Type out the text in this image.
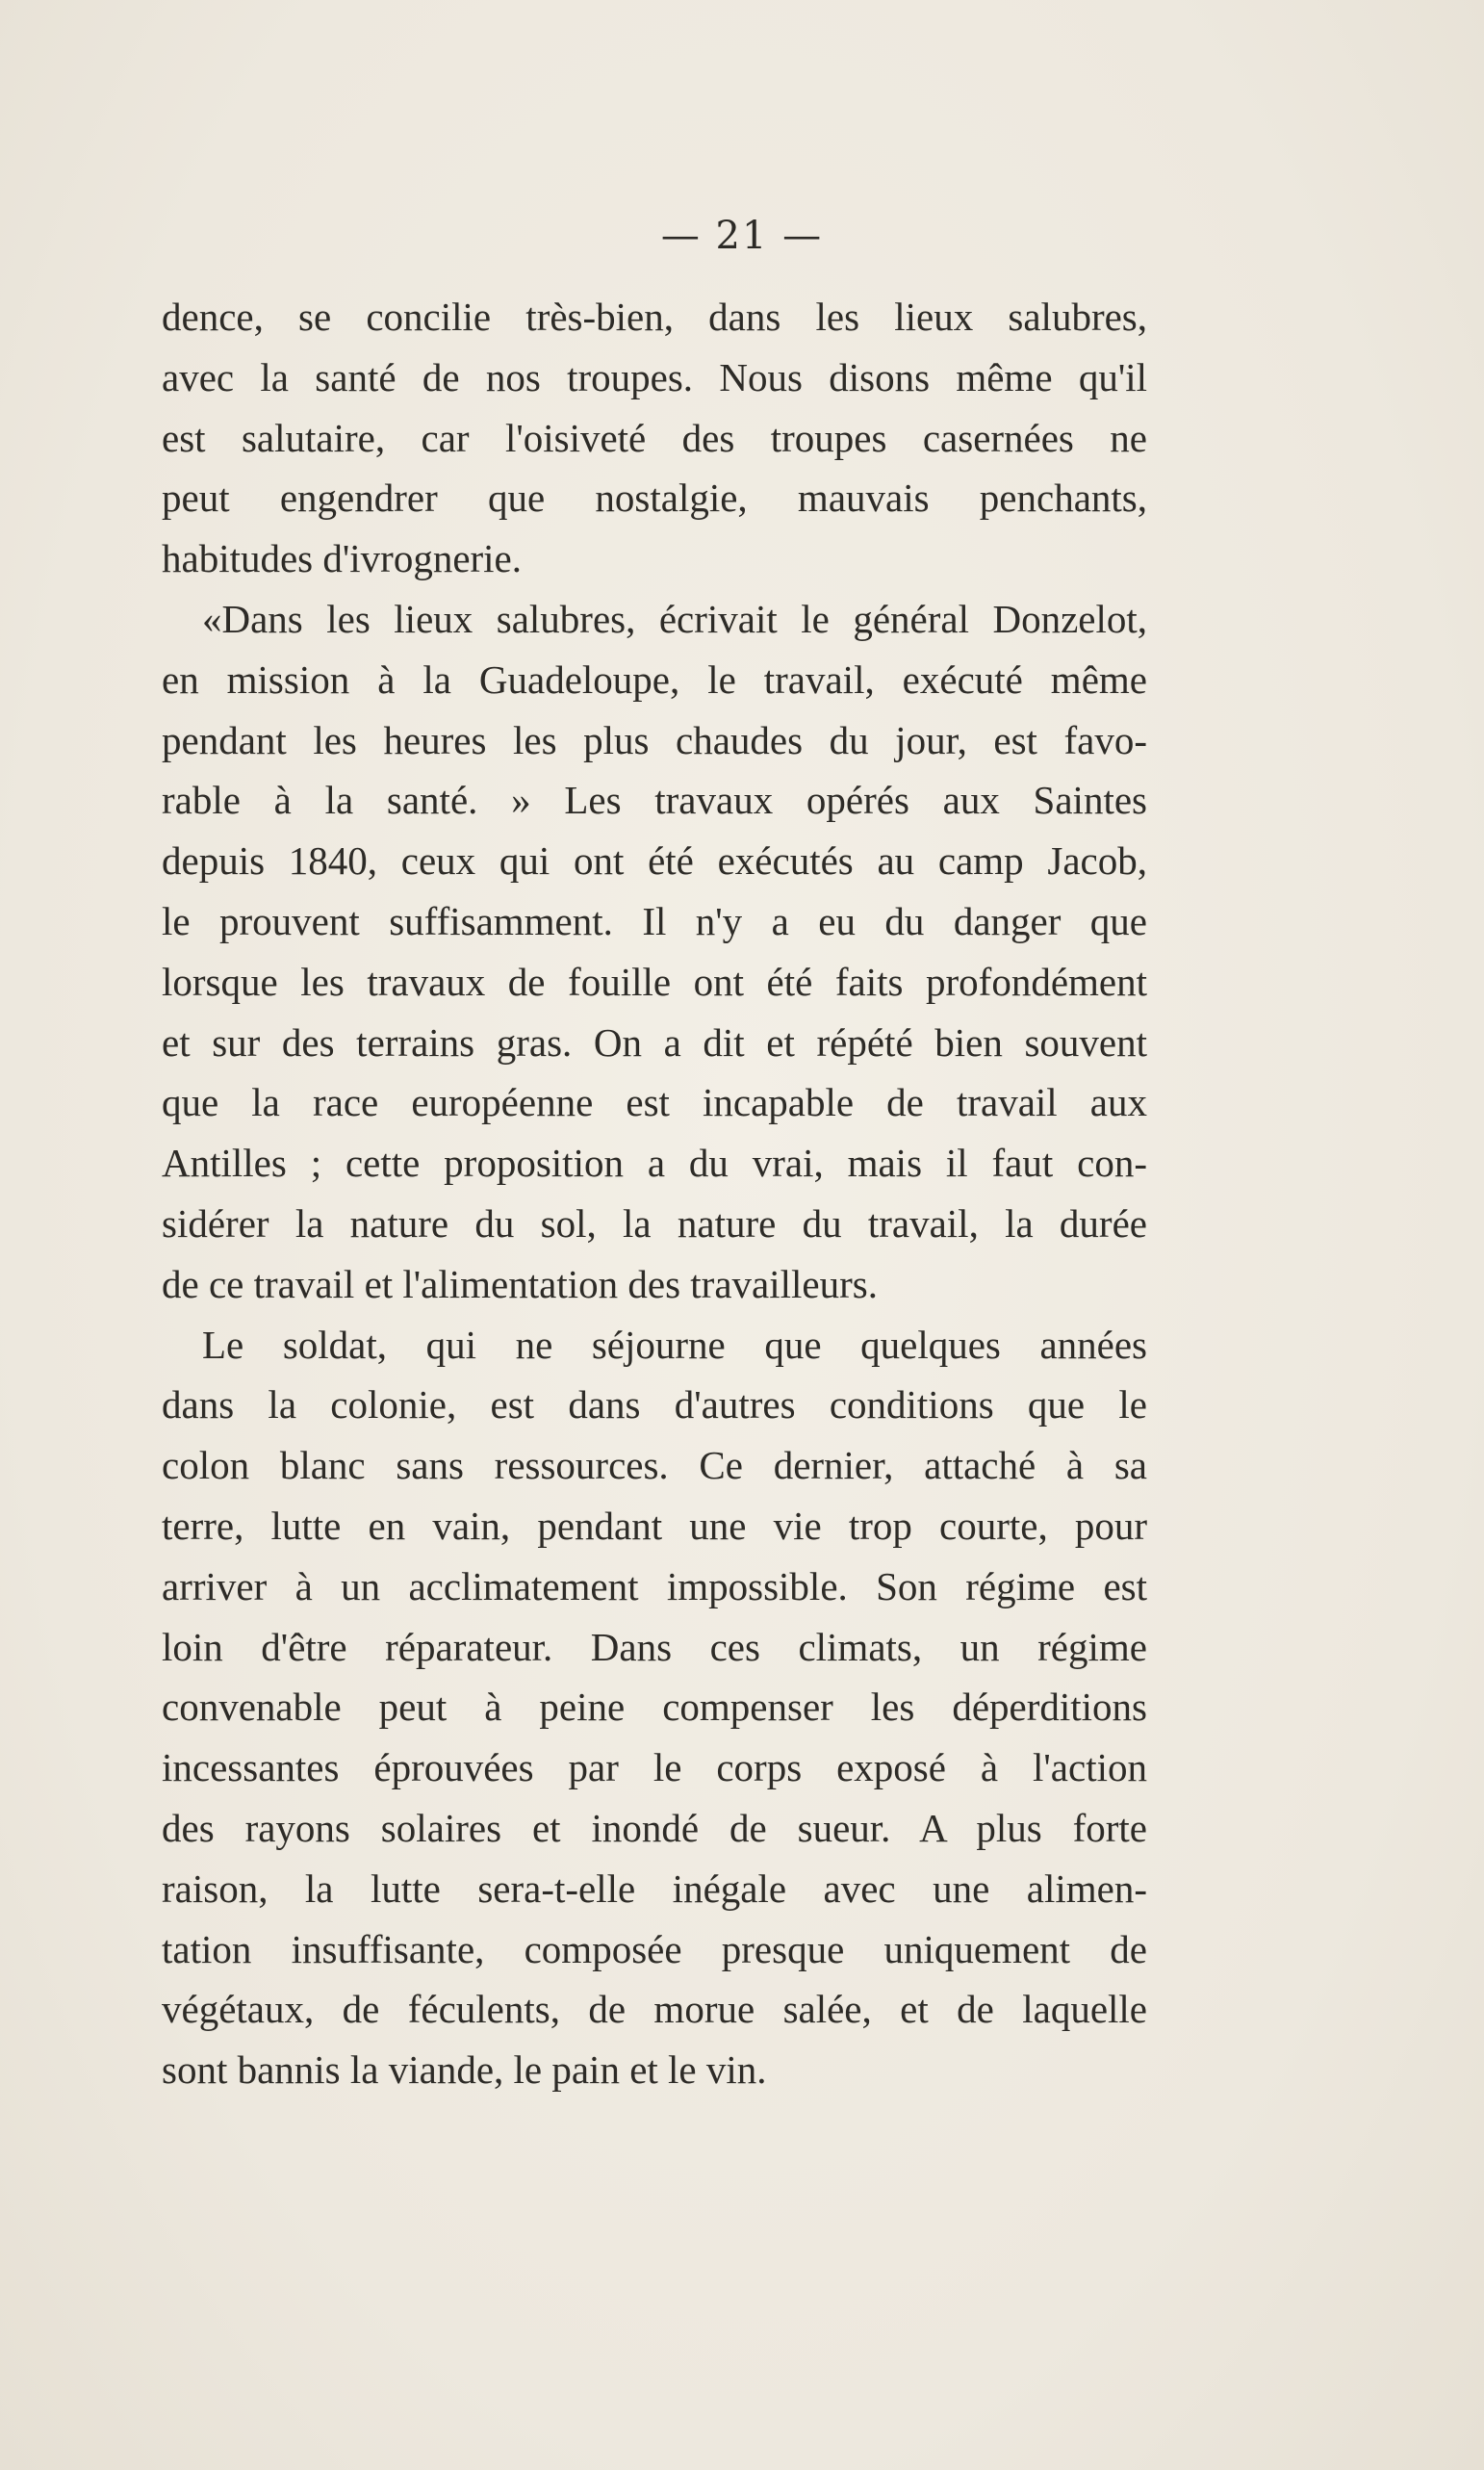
— 21 —
dence, se concilie très-bien, dans les lieux salubres,
avec la santé de nos troupes. Nous disons même qu'il
est salutaire, car l'oisiveté des troupes casernées ne
peut engendrer que nostalgie, mauvais penchants,
habitudes d'ivrognerie.
«Dans les lieux salubres, écrivait le général Donzelot,
en mission à la Guadeloupe, le travail, exécuté même
pendant les heures les plus chaudes du jour, est favo-
rable à la santé. » Les travaux opérés aux Saintes
depuis 1840, ceux qui ont été exécutés au camp Jacob,
le prouvent suffisamment. Il n'y a eu du danger que
lorsque les travaux de fouille ont été faits profondément
et sur des terrains gras. On a dit et répété bien souvent
que la race européenne est incapable de travail aux
Antilles ; cette proposition a du vrai, mais il faut con-
sidérer la nature du sol, la nature du travail, la durée
de ce travail et l'alimentation des travailleurs.
Le soldat, qui ne séjourne que quelques années
dans la colonie, est dans d'autres conditions que le
colon blanc sans ressources. Ce dernier, attaché à sa
terre, lutte en vain, pendant une vie trop courte, pour
arriver à un acclimatement impossible. Son régime est
loin d'être réparateur. Dans ces climats, un régime
convenable peut à peine compenser les déperditions
incessantes éprouvées par le corps exposé à l'action
des rayons solaires et inondé de sueur. A plus forte
raison, la lutte sera-t-elle inégale avec une alimen-
tation insuffisante, composée presque uniquement de
végétaux, de féculents, de morue salée, et de laquelle
sont bannis la viande, le pain et le vin.
